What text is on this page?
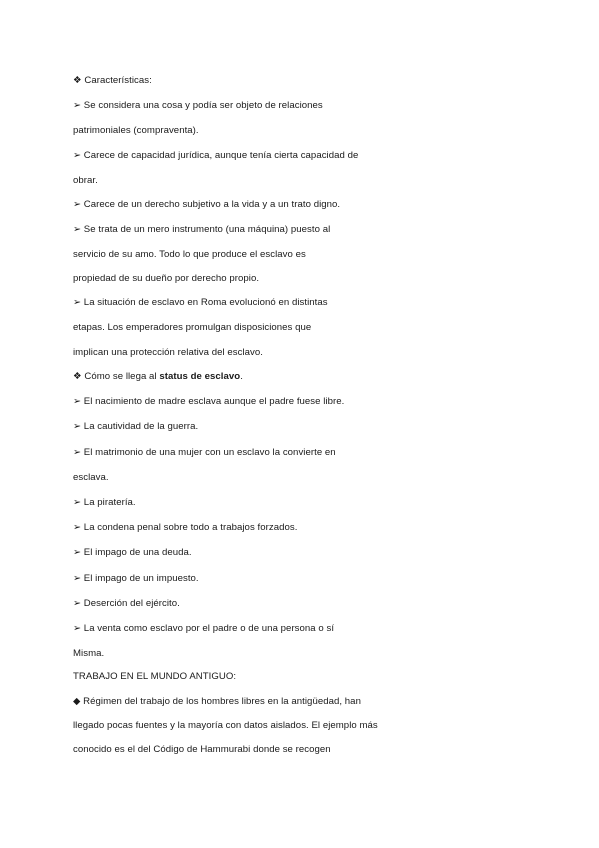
❖ Características:
➢ Se considera una cosa y podía ser objeto de relaciones
patrimoniales (compraventa).
➢ Carece de capacidad jurídica, aunque tenía cierta capacidad de
obrar.
➢ Carece de un derecho subjetivo a la vida y a un trato digno.
➢ Se trata de un mero instrumento (una máquina) puesto al
servicio de su amo. Todo lo que produce el esclavo es
propiedad de su dueño por derecho propio.
➢ La situación de esclavo en Roma evolucionó en distintas
etapas. Los emperadores promulgan disposiciones que
implican una protección relativa del esclavo.
❖ Cómo se llega al status de esclavo.
➢ El nacimiento de madre esclava aunque el padre fuese libre.
➢ La cautividad de la guerra.
➢ El matrimonio de una mujer con un esclavo la convierte en
esclava.
➢ La piratería.
➢ La condena penal sobre todo a trabajos forzados.
➢ El impago de una deuda.
➢ El impago de un impuesto.
➢ Deserción del ejército.
➢ La venta como esclavo por el padre o de una persona o sí
Misma.
TRABAJO EN EL MUNDO ANTIGUO:
◆ Régimen del trabajo de los hombres libres en la antigüedad, han
llegado pocas fuentes y la mayoría con datos aislados. El ejemplo más
conocido es el del Código de Hammurabi donde se recogen
